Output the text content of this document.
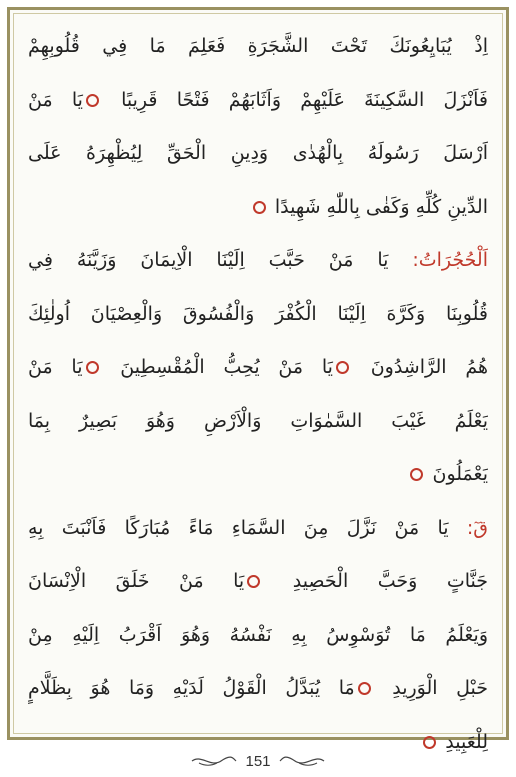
اِذْ يُبَايِعُونَكَ تَحْتَ الشَّجَرَةِ فَعَلِمَ مَا فِي قُلُوبِهِمْ
فَاَنْزَلَ السَّكِينَةَ عَلَيْهِمْ وَاَثَابَهُمْ فَتْحًا قَرِيبًا يَا مَنْ
اَرْسَلَ رَسُولَهُ بِالْهُدٰى وَدِينِ الْحَقِّ لِيُظْهِرَهُ عَلَى
الدِّينِ كُلِّهِ وَكَفٰى بِاللّٰهِ شَهِيدًا
اَلْحُجُرَاتُ: يَا مَنْ حَبَّبَ اِلَيْنَا الْاِيمَانَ وَزَيَّنَهُ فِي
قُلُوبِنَا وَكَرَّهَ اِلَيْنَا الْكُفْرَ وَالْفُسُوقَ وَالْعِصْيَانَ اُولٰئِكَ
هُمُ الرَّاشِدُونَ يَا مَنْ يُحِبُّ الْمُقْسِطِينَ يَا مَنْ
يَعْلَمُ غَيْبَ السَّمٰوَاتِ وَالْاَرْضِ وَهُوَ بَصِيرٌ بِمَا
يَعْمَلُونَ
قٓ: يَا مَنْ نَزَّلَ مِنَ السَّمَاءِ مَاءً مُبَارَكًا فَاَنْبَتَ بِهِ
جَنَّاتٍ وَحَبَّ الْحَصِيدِ يَا مَنْ خَلَقَ الْاِنْسَانَ
وَيَعْلَمُ مَا تُوَسْوِسُ بِهِ نَفْسُهُ وَهُوَ اَقْرَبُ اِلَيْهِ مِنْ
حَبْلِ الْوَرِيدِ مَا يُبَدَّلُ الْقَوْلُ لَدَيْهِ وَمَا هُوَ بِظَلَّامٍ
لِلْعَبِيدِ
151
